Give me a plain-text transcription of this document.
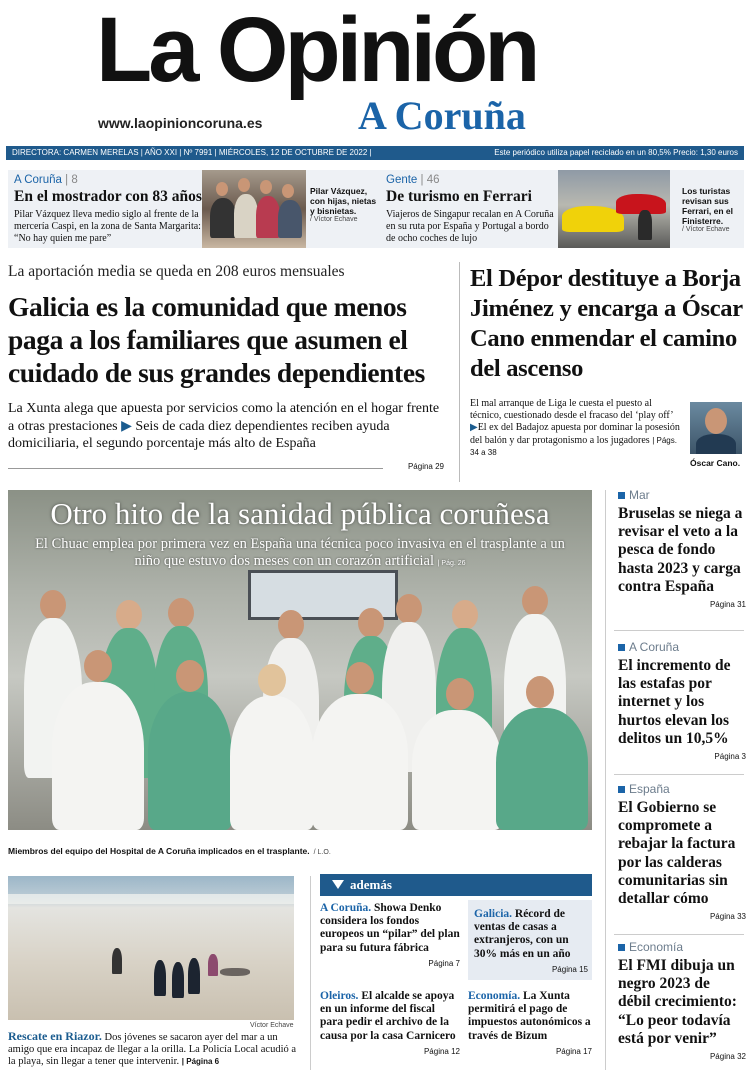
La Opinión
A Coruña
www.laopinioncoruna.es
DIRECTORA: CARMEN MERELAS | AÑO XXI | Nº 7991 | MIÉRCOLES, 12 DE OCTUBRE DE 2022 |	Este periódico utiliza papel reciclado en un 80,5% Precio: 1,30 euros
A Coruña | 8
En el mostrador con 83 años
Pilar Vázquez lleva medio siglo al frente de la mercería Caspi, en la zona de Santa Margarita: “No hay quien me pare”
Pilar Vázquez, con hijas, nietas y bisnietas.
/ Víctor Echave
Gente | 46
De turismo en Ferrari
Viajeros de Singapur recalan en A Coruña en su ruta por España y Portugal a bordo de ocho coches de lujo
Los turistas revisan sus Ferrari, en el Finisterre.
/ Víctor Echave
La aportación media se queda en 208 euros mensuales
Galicia es la comunidad que menos paga a los familiares que asumen el cuidado de sus grandes dependientes
La Xunta alega que apuesta por servicios como la atención en el hogar frente a otras prestaciones ▶ Seis de cada diez dependientes reciben ayuda domiciliaria, el segundo porcentaje más alto de España
Página 29
El Dépor destituye a Borja Jiménez y encarga a Óscar Cano enmendar el camino del ascenso
El mal arranque de Liga le cuesta el puesto al técnico, cuestionado desde el fracaso del ‘play off’ ▶El ex del Badajoz apuesta por dominar la posesión del balón y dar protagonismo a los jugadores | Págs. 34 a 38
Óscar Cano.
Otro hito de la sanidad pública coruñesa
El Chuac emplea por primera vez en España una técnica poco invasiva en el trasplante a un niño que estuvo dos meses con un corazón artificial | Pág. 26
Miembros del equipo del Hospital de A Coruña implicados en el trasplante. / L.O.
Mar
Bruselas se niega a revisar el veto a la pesca de fondo hasta 2023 y carga contra España
Página 31
A Coruña
El incremento de las estafas por internet y los hurtos elevan los delitos un 10,5%
Página 3
España
El Gobierno se compromete a rebajar la factura por las calderas comunitarias sin detallar cómo
Página 33
Economía
El FMI dibuja un negro 2023 de débil crecimiento: “Lo peor todavía está por venir”
Página 32
Víctor Echave
Rescate en Riazor. Dos jóvenes se sacaron ayer del mar a un amigo que era incapaz de llegar a la orilla. La Policía Local acudió a la playa, sin llegar a tener que intervenir. | Página 6
además
A Coruña. Showa Denko considera los fondos europeos un “pilar” del plan para su futura fábrica
Página 7
Galicia. Récord de ventas de casas a extranjeros, con un 30% más en un año
Página 15
Oleiros. El alcalde se apoya en un informe del fiscal para pedir el archivo de la causa por la casa Carnicero
Página 12
Economía. La Xunta permitirá el pago de impuestos autonómicos a través de Bizum
Página 17
